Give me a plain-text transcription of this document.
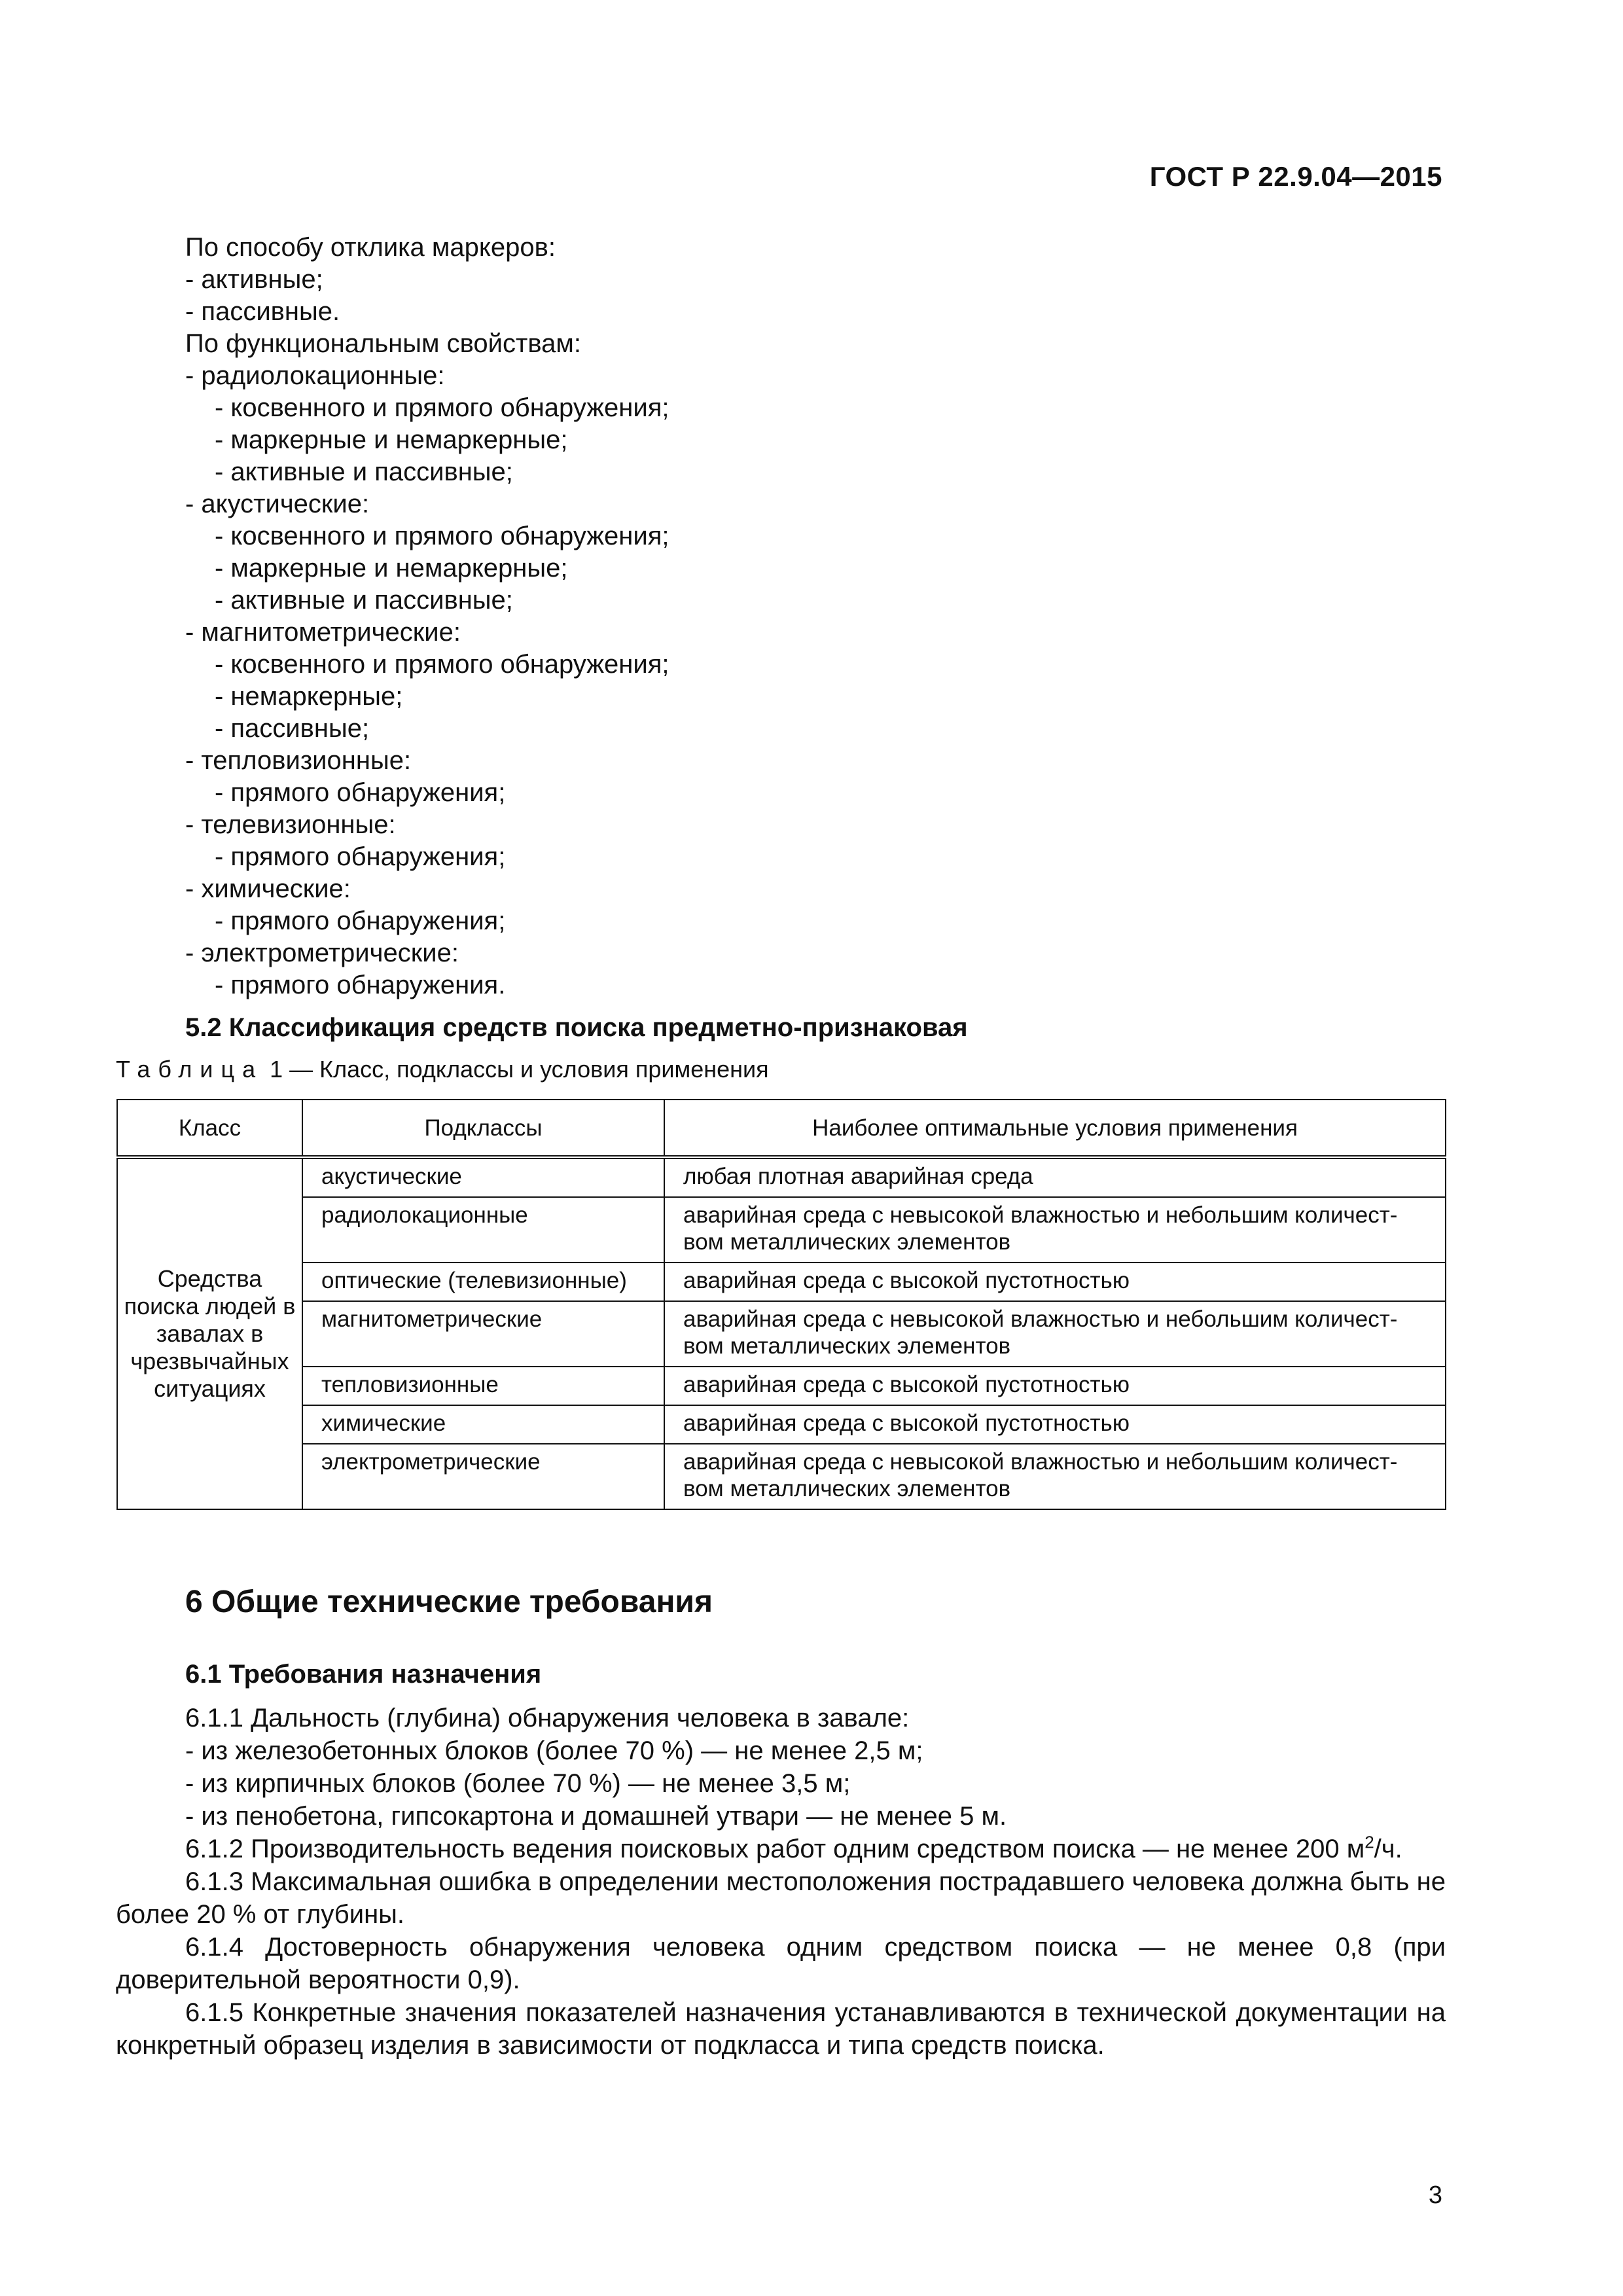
ГОСТ Р 22.9.04—2015
По способу отклика маркеров:
- активные;
- пассивные.
По функциональным свойствам:
- радиолокационные:
- косвенного и прямого обнаружения;
- маркерные и немаркерные;
- активные и пассивные;
- акустические:
- косвенного и прямого обнаружения;
- маркерные и немаркерные;
- активные и пассивные;
- магнитометрические:
- косвенного и прямого обнаружения;
- немаркерные;
- пассивные;
- тепловизионные:
- прямого обнаружения;
- телевизионные:
- прямого обнаружения;
- химические:
- прямого обнаружения;
- электрометрические:
- прямого обнаружения.
5.2 Классификация средств поиска предметно-признаковая
Таблица 1 — Класс, подклассы и условия применения
Класс	Подклассы	Наиболее оптимальные условия применения
Средства поиска людей в завалах в чрезвычайных ситуациях	акустические	любая плотная аварийная среда
	радиолокационные	аварийная среда с невысокой влажностью и небольшим количест-вом металлических элементов
	оптические (телевизионные)	аварийная среда с высокой пустотностью
	магнитометрические	аварийная среда с невысокой влажностью и небольшим количест-вом металлических элементов
	тепловизионные	аварийная среда с высокой пустотностью
	химические	аварийная среда с высокой пустотностью
	электрометрические	аварийная среда с невысокой влажностью и небольшим количест-вом металлических элементов
6 Общие технические требования
6.1 Требования назначения
6.1.1 Дальность (глубина) обнаружения человека в завале:
- из железобетонных блоков (более 70 %) — не менее 2,5 м;
- из кирпичных блоков (более 70 %) — не менее 3,5 м;
- из пенобетона, гипсокартона и домашней утвари — не менее 5 м.
6.1.2 Производительность ведения поисковых работ одним средством поиска — не менее 200 $м^2/ч$.
6.1.3 Максимальная ошибка в определении местоположения пострадавшего человека должна быть не более 20 % от глубины.
6.1.4 Достоверность обнаружения человека одним средством поиска — не менее 0,8 (при доверительной вероятности 0,9).
6.1.5 Конкретные значения показателей назначения устанавливаются в технической документации на конкретный образец изделия в зависимости от подкласса и типа средств поиска.
3
